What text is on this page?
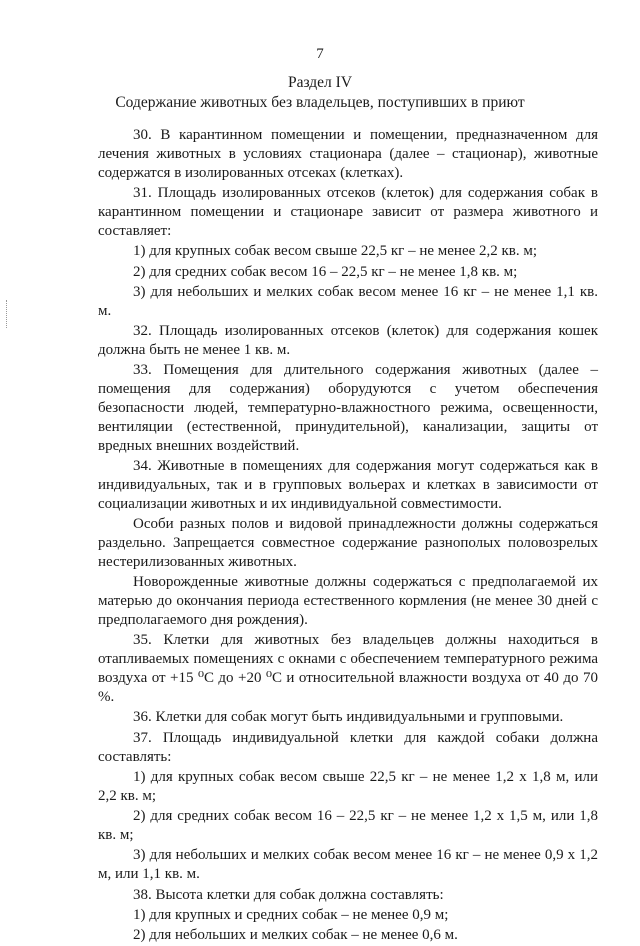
7
Раздел IV
Содержание животных без владельцев, поступивших в приют

30. В карантинном помещении и помещении, предназначенном для лечения животных в условиях стационара (далее – стационар), животные содержатся в изолированных отсеках (клетках).

31. Площадь изолированных отсеков (клеток) для содержания собак в карантинном помещении и стационаре зависит от размера животного и составляет:

1) для крупных собак весом свыше 22,5 кг – не менее 2,2 кв. м;

2) для средних собак весом 16 – 22,5 кг – не менее 1,8 кв. м;

3) для небольших и мелких собак весом менее 16 кг – не менее 1,1 кв. м.

32. Площадь изолированных отсеков (клеток) для содержания кошек должна быть не менее 1 кв. м.

33. Помещения для длительного содержания животных (далее – помещения для содержания) оборудуются с учетом обеспечения безопасности людей, температурно-влажностного режима, освещенности, вентиляции (естественной, принудительной), канализации, защиты от вредных внешних воздействий.

34. Животные в помещениях для содержания могут содержаться как в индивидуальных, так и в групповых вольерах и клетках в зависимости от социализации животных и их индивидуальной совместимости.

Особи разных полов и видовой принадлежности должны содержаться раздельно. Запрещается совместное содержание разнополых половозрелых нестерилизованных животных.

Новорожденные животные должны содержаться с предполагаемой их матерью до окончания периода естественного кормления (не менее 30 дней с предполагаемого дня рождения).

35. Клетки для животных без владельцев должны находиться в отапливаемых помещениях с окнами с обеспечением температурного режима воздуха от +15 ⁰С до +20 ⁰С и относительной влажности воздуха от 40 до 70 %.

36. Клетки для собак могут быть индивидуальными и групповыми.

37. Площадь индивидуальной клетки для каждой собаки должна составлять:

1) для крупных собак весом свыше 22,5 кг – не менее 1,2 х 1,8 м, или 2,2 кв. м;

2) для средних собак весом 16 – 22,5 кг – не менее 1,2 х 1,5 м, или 1,8 кв. м;

3) для небольших и мелких собак весом менее 16 кг – не менее 0,9 х 1,2 м, или 1,1 кв. м.

38. Высота клетки для собак должна составлять:

1) для крупных и средних собак – не менее 0,9 м;

2) для небольших и мелких собак – не менее 0,6 м.
